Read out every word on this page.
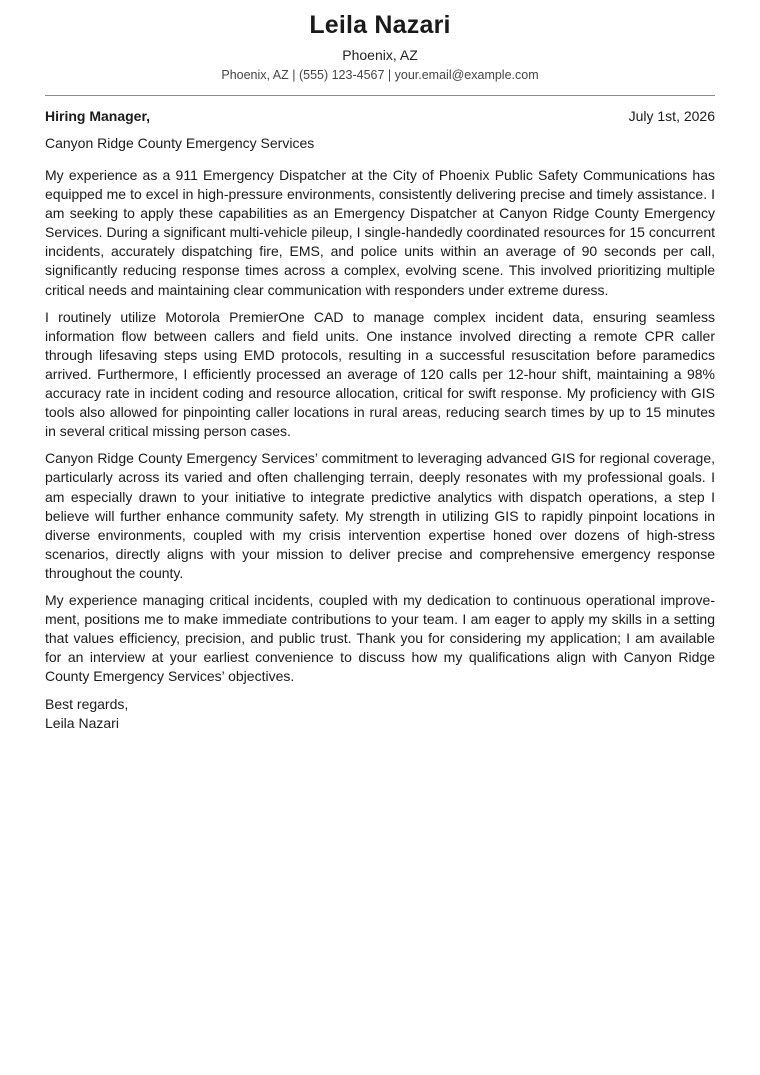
Leila Nazari
Phoenix, AZ
Phoenix, AZ | (555) 123-4567 | your.email@example.com
Hiring Manager,	July 1st, 2026
Canyon Ridge County Emergency Services

My experience as a 911 Emergency Dispatcher at the City of Phoenix Public Safety Communications has equipped me to excel in high-pressure environments, consistently delivering precise and timely assistance. I am seeking to apply these capabilities as an Emergency Dispatcher at Canyon Ridge County Emergency Services. During a significant multi-vehicle pileup, I single-handedly coordinated resources for 15 concurrent incidents, accurately dispatching fire, EMS, and police units within an average of 90 seconds per call, significantly reducing response times across a complex, evolving scene. This involved prioritizing multiple critical needs and maintaining clear communication with responders under extreme duress.

I routinely utilize Motorola PremierOne CAD to manage complex incident data, ensuring seamless information flow between callers and field units. One instance involved directing a remote CPR caller through lifesaving steps using EMD protocols, resulting in a successful resuscitation before paramedics arrived. Furthermore, I efficiently processed an average of 120 calls per 12-hour shift, maintaining a 98% accuracy rate in incident coding and resource allocation, critical for swift response. My proficiency with GIS tools also allowed for pinpointing caller locations in rural areas, reducing search times by up to 15 minutes in several critical missing person cases.

Canyon Ridge County Emergency Services’ commitment to leveraging advanced GIS for regional coverage, particularly across its varied and often challenging terrain, deeply resonates with my professional goals. I am especially drawn to your initiative to integrate predictive analytics with dispatch operations, a step I believe will further enhance community safety. My strength in utilizing GIS to rapidly pinpoint locations in diverse environments, coupled with my crisis intervention expertise honed over dozens of high-stress scenarios, directly aligns with your mission to deliver precise and comprehensive emergency response throughout the county.

My experience managing critical incidents, coupled with my dedication to continuous operational improvement, positions me to make immediate contributions to your team. I am eager to apply my skills in a setting that values efficiency, precision, and public trust. Thank you for considering my application; I am available for an interview at your earliest convenience to discuss how my qualifications align with Canyon Ridge County Emergency Services’ objectives.

Best regards,
Leila Nazari
